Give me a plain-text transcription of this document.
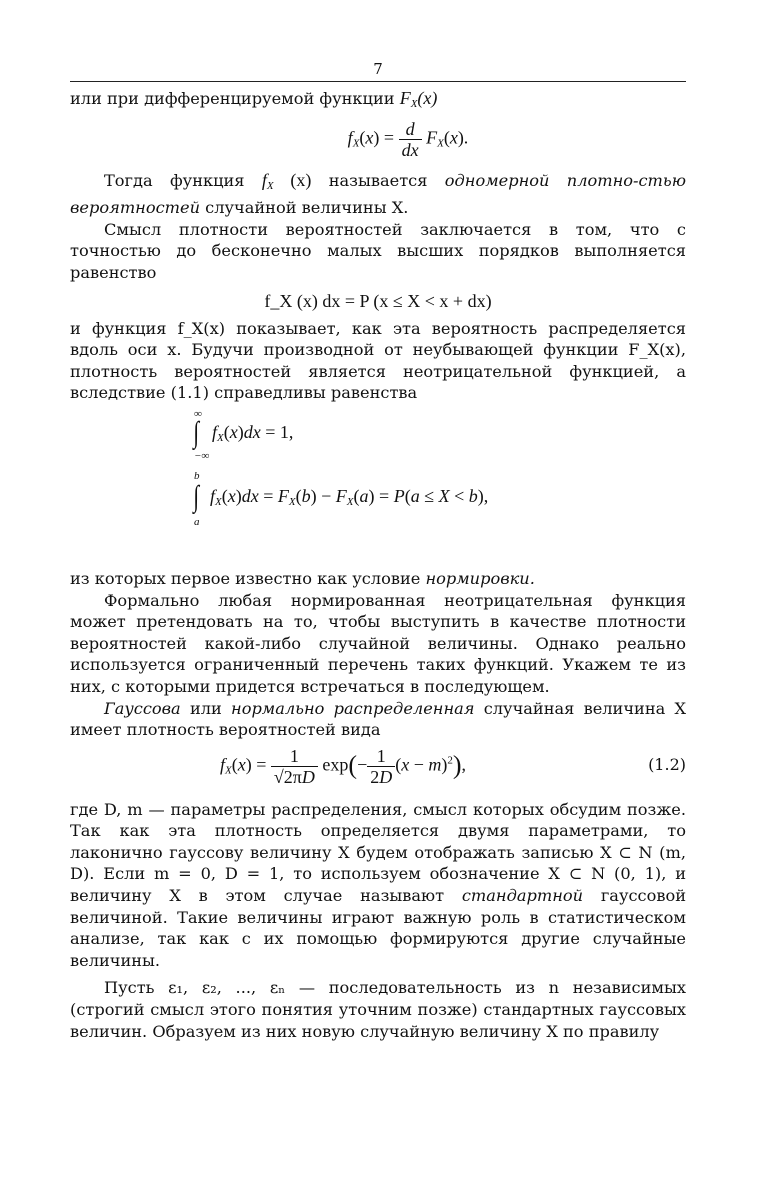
7

или при дифференцируемой функции $F_X(x)$

$f_X(x) = \frac{d}{dx} F_X(x)$.

Тогда функция $f_X$ (x) называется одномерной плотно-стью вероятностей случайной величины X.

Смысл плотности вероятностей заключается в том, что с точностью до бесконечно малых высших порядков выполняется равенство

f_X (x) dx = P (x ≤ X < x + dx)

и функция f_X(x) показывает, как эта вероятность распределяется вдоль оси x. Будучи производной от неубывающей функции F_X(x), плотность вероятностей является неотрицательной функцией, а вследствие (1.1) справедливы равенства

∞
∫
−∞
$f_X(x)dx = 1$,
b
∫
a
$f_X(x)dx = F_X(b) - F_X(a) = P(a \le X < b)$,

из которых первое известно как условие нормировки.

Формально любая нормированная неотрицательная функция может претендовать на то, чтобы выступить в качестве плотности вероятностей какой-либо случайной величины. Однако реально используется ограниченный перечень таких функций. Укажем те из них, с которыми придется встречаться в последующем.

Гауссова или нормально распределенная случайная величина X имеет плотность вероятностей вида

$f_X(x) = \frac{1}{√2\pi D} \exp(- \frac{1}{2D} (x - m)^2)$,	(1.2)

где D, m — параметры распределения, смысл которых обсудим позже. Так как эта плотность определяется двумя параметрами, то лаконично гауссову величину X будем отображать записью X ⊂ N (m, D). Если m = 0, D = 1, то используем обозначение X ⊂ N (0, 1), и величину X в этом случае называют стандартной гауссовой величиной. Такие величины играют важную роль в статистическом анализе, так как с их помощью формируются другие случайные величины.

Пусть ε₁, ε₂, ..., εₙ — последовательность из n независимых (строгий смысл этого понятия уточним позже) стандартных гауссовых величин. Образуем из них новую случайную величину X по правилу
